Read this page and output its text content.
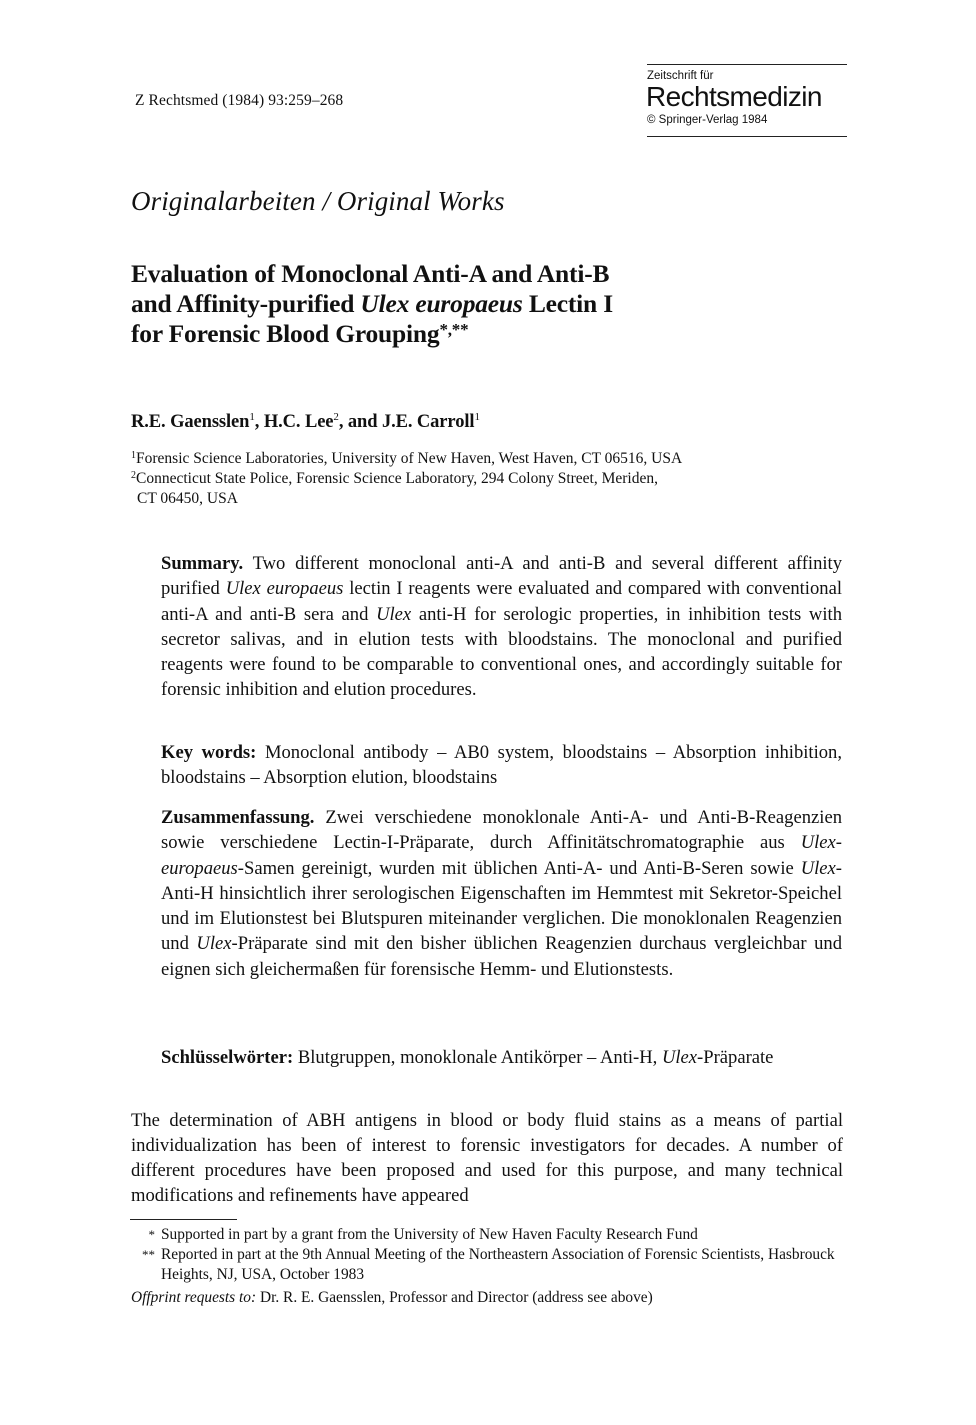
Z Rechtsmed (1984) 93:259–268
Zeitschrift für
Rechtsmedizin
© Springer-Verlag 1984
Originalarbeiten / Original Works
Evaluation of Monoclonal Anti-A and Anti-B
and Affinity-purified Ulex europaeus Lectin I
for Forensic Blood Grouping*,**
R.E. Gaensslen$^1$, H.C. Lee$^2$, and J.E. Carroll$^1$
$^1$Forensic Science Laboratories, University of New Haven, West Haven, CT 06516, USA
$^2$Connecticut State Police, Forensic Science Laboratory, 294 Colony Street, Meriden,
CT 06450, USA
Summary. Two different monoclonal anti-A and anti-B and several different affinity purified Ulex europaeus lectin I reagents were evaluated and compared with conventional anti-A and anti-B sera and Ulex anti-H for serologic properties, in inhibition tests with secretor salivas, and in elution tests with bloodstains. The monoclonal and purified reagents were found to be comparable to conventional ones, and accordingly suitable for forensic inhibition and elution procedures.
Key words: Monoclonal antibody – AB0 system, bloodstains – Absorption inhibition, bloodstains – Absorption elution, bloodstains
Zusammenfassung. Zwei verschiedene monoklonale Anti-A- und Anti-B-Reagenzien sowie verschiedene Lectin-I-Präparate, durch Affinitätschromatographie aus Ulex-europaeus-Samen gereinigt, wurden mit üblichen Anti-A- und Anti-B-Seren sowie Ulex-Anti-H hinsichtlich ihrer serologischen Eigenschaften im Hemmtest mit Sekretor-Speichel und im Elutionstest bei Blutspuren miteinander verglichen. Die monoklonalen Reagenzien und Ulex-Präparate sind mit den bisher üblichen Reagenzien durchaus vergleichbar und eignen sich gleichermaßen für forensische Hemm- und Elutionstests.
Schlüsselwörter: Blutgruppen, monoklonale Antikörper – Anti-H, Ulex-Präparate
The determination of ABH antigens in blood or body fluid stains as a means of partial individualization has been of interest to forensic investigators for decades. A number of different procedures have been proposed and used for this purpose, and many technical modifications and refinements have appeared
* Supported in part by a grant from the University of New Haven Faculty Research Fund
** Reported in part at the 9th Annual Meeting of the Northeastern Association of Forensic Scientists, Hasbrouck Heights, NJ, USA, October 1983
Offprint requests to: Dr. R. E. Gaensslen, Professor and Director (address see above)
